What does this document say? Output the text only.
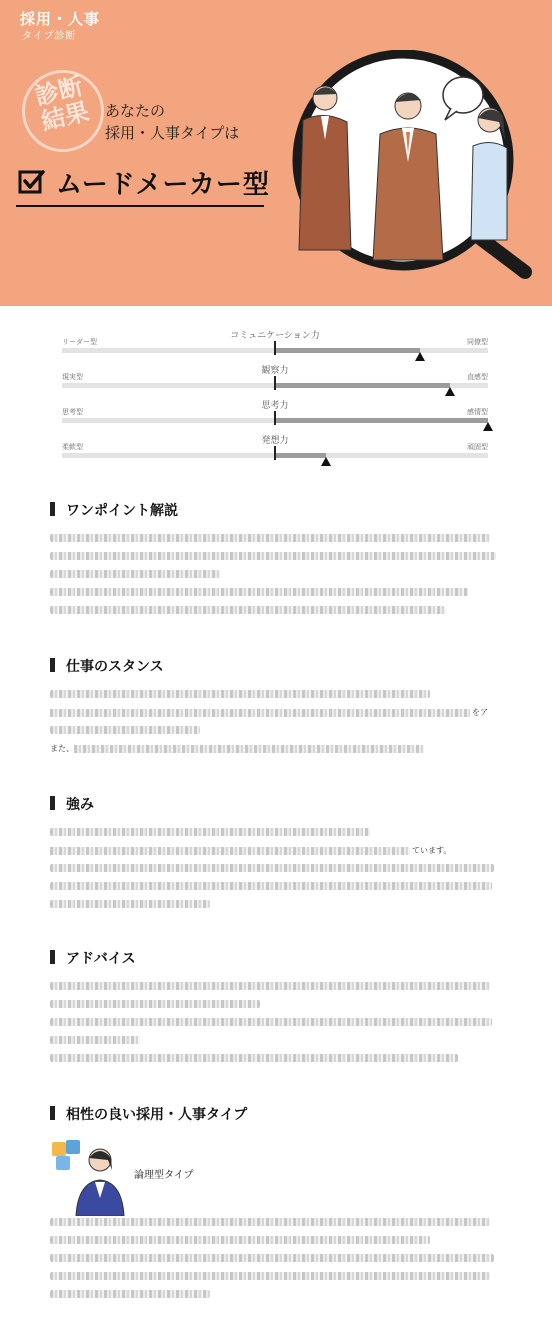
採用・人事
タイプ診断
診断結果 あなたの
採用・人事タイプは
ムードメーカー型
リーダー型	同僚型
コミュニケーション力
現実型	直感型
観察力
思考型	感情型
思考力
柔軟型	頑固型
発想力
ワンポイント解説
仕事のスタンス
をア
また、
強み
ています。
アドバイス
相性の良い採用・人事タイプ
論理型タイプ
